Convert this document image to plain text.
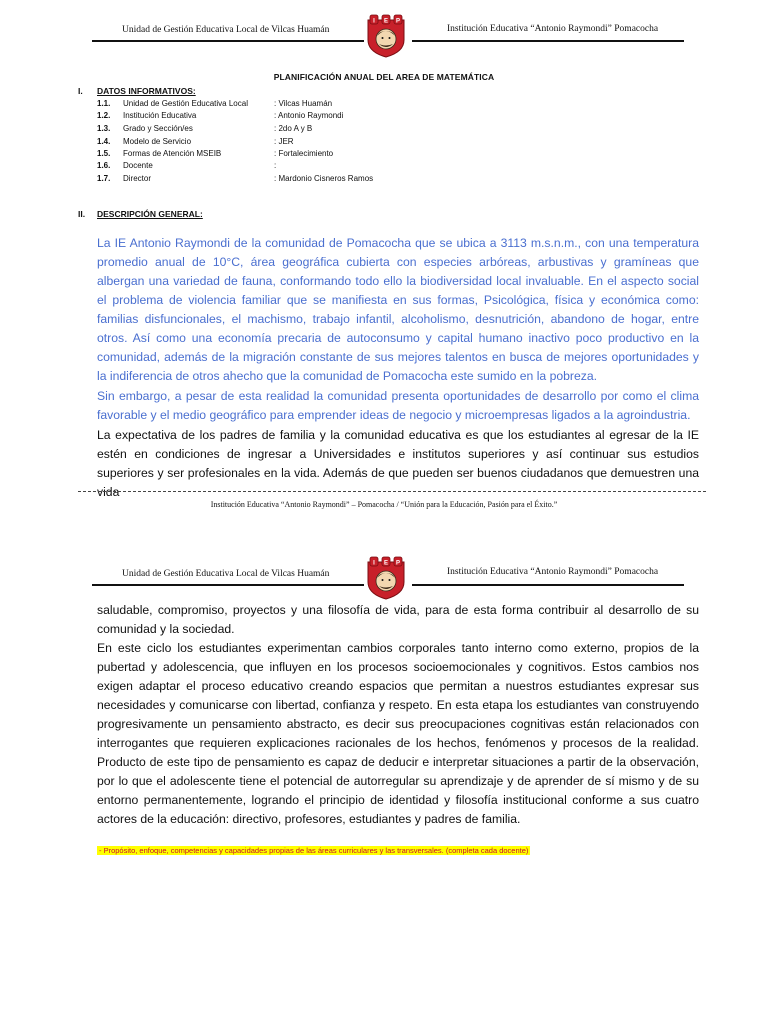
Unidad de Gestión Educativa Local de Vilcas Huamán	Institución Educativa “Antonio Raymondi” Pomacocha
I E P
PLANIFICACIÓN ANUAL DEL AREA DE MATEMÁTICA
I. DATOS INFORMATIVOS:
1.1. Unidad de Gestión Educativa Local	: Vilcas Huamán
1.2. Institución Educativa	: Antonio Raymondi
1.3. Grado y Sección/es	: 2do A y B
1.4. Modelo de Servicio	: JER
1.5. Formas de Atención MSEIB	: Fortalecimiento
1.6. Docente	:
1.7. Director	: Mardonio Cisneros Ramos
II. DESCRIPCIÓN GENERAL:

La IE Antonio Raymondi de la comunidad de Pomacocha que se ubica a 3113 m.s.n.m., con una temperatura promedio anual de 10°C, área geográfica cubierta con especies arbóreas, arbustivas y gramíneas que albergan una variedad de fauna, conformando todo ello la biodiversidad local invaluable. En el aspecto social el problema de violencia familiar que se manifiesta en sus formas, Psicológica, física y económica como: familias disfuncionales, el machismo, trabajo infantil, alcoholismo, desnutrición, abandono de hogar, entre otros. Así como una economía precaria de autoconsumo y capital humano inactivo poco productivo en la comunidad, además de la migración constante de sus mejores talentos en busca de mejores oportunidades y la indiferencia de otros ahecho que la comunidad de Pomacocha este sumido en la pobreza.

Sin embargo, a pesar de esta realidad la comunidad presenta oportunidades de desarrollo por como el clima favorable y el medio geográfico para emprender ideas de negocio y microempresas ligados a la agroindustria.

La expectativa de los padres de familia y la comunidad educativa es que los estudiantes al egresar de la IE estén en condiciones de ingresar a Universidades e institutos superiores y así continuar sus estudios superiores y ser profesionales en la vida. Además de que pueden ser buenos ciudadanos que demuestren una vida

Institución Educativa “Antonio Raymondi” – Pomacocha / “Unión para la Educación, Pasión para el Éxito.”
Unidad de Gestión Educativa Local de Vilcas Huamán	Institución Educativa “Antonio Raymondi” Pomacocha
I E P

saludable, compromiso, proyectos y una filosofía de vida, para de esta forma contribuir al desarrollo de su comunidad y la sociedad.

En este ciclo los estudiantes experimentan cambios corporales tanto interno como externo, propios de la pubertad y adolescencia, que influyen en los procesos socioemocionales y cognitivos. Estos cambios nos exigen adaptar el proceso educativo creando espacios que permitan a nuestros estudiantes expresar sus necesidades y comunicarse con libertad, confianza y respeto. En esta etapa los estudiantes van construyendo progresivamente un pensamiento abstracto, es decir sus preocupaciones cognitivas están relacionados con interrogantes que requieren explicaciones racionales de los hechos, fenómenos y procesos de la realidad. Producto de este tipo de pensamiento es capaz de deducir e interpretar situaciones a partir de la observación, por lo que el adolescente tiene el potencial de autorregular su aprendizaje y de aprender de sí mismo y de su entorno permanentemente, logrando el principio de identidad y filosofía institucional conforme a sus cuatro actores de la educación: directivo, profesores, estudiantes y padres de familia.

- Propósito, enfoque, competencias y capacidades propias de las áreas curriculares y las transversales. (completa cada docente)
